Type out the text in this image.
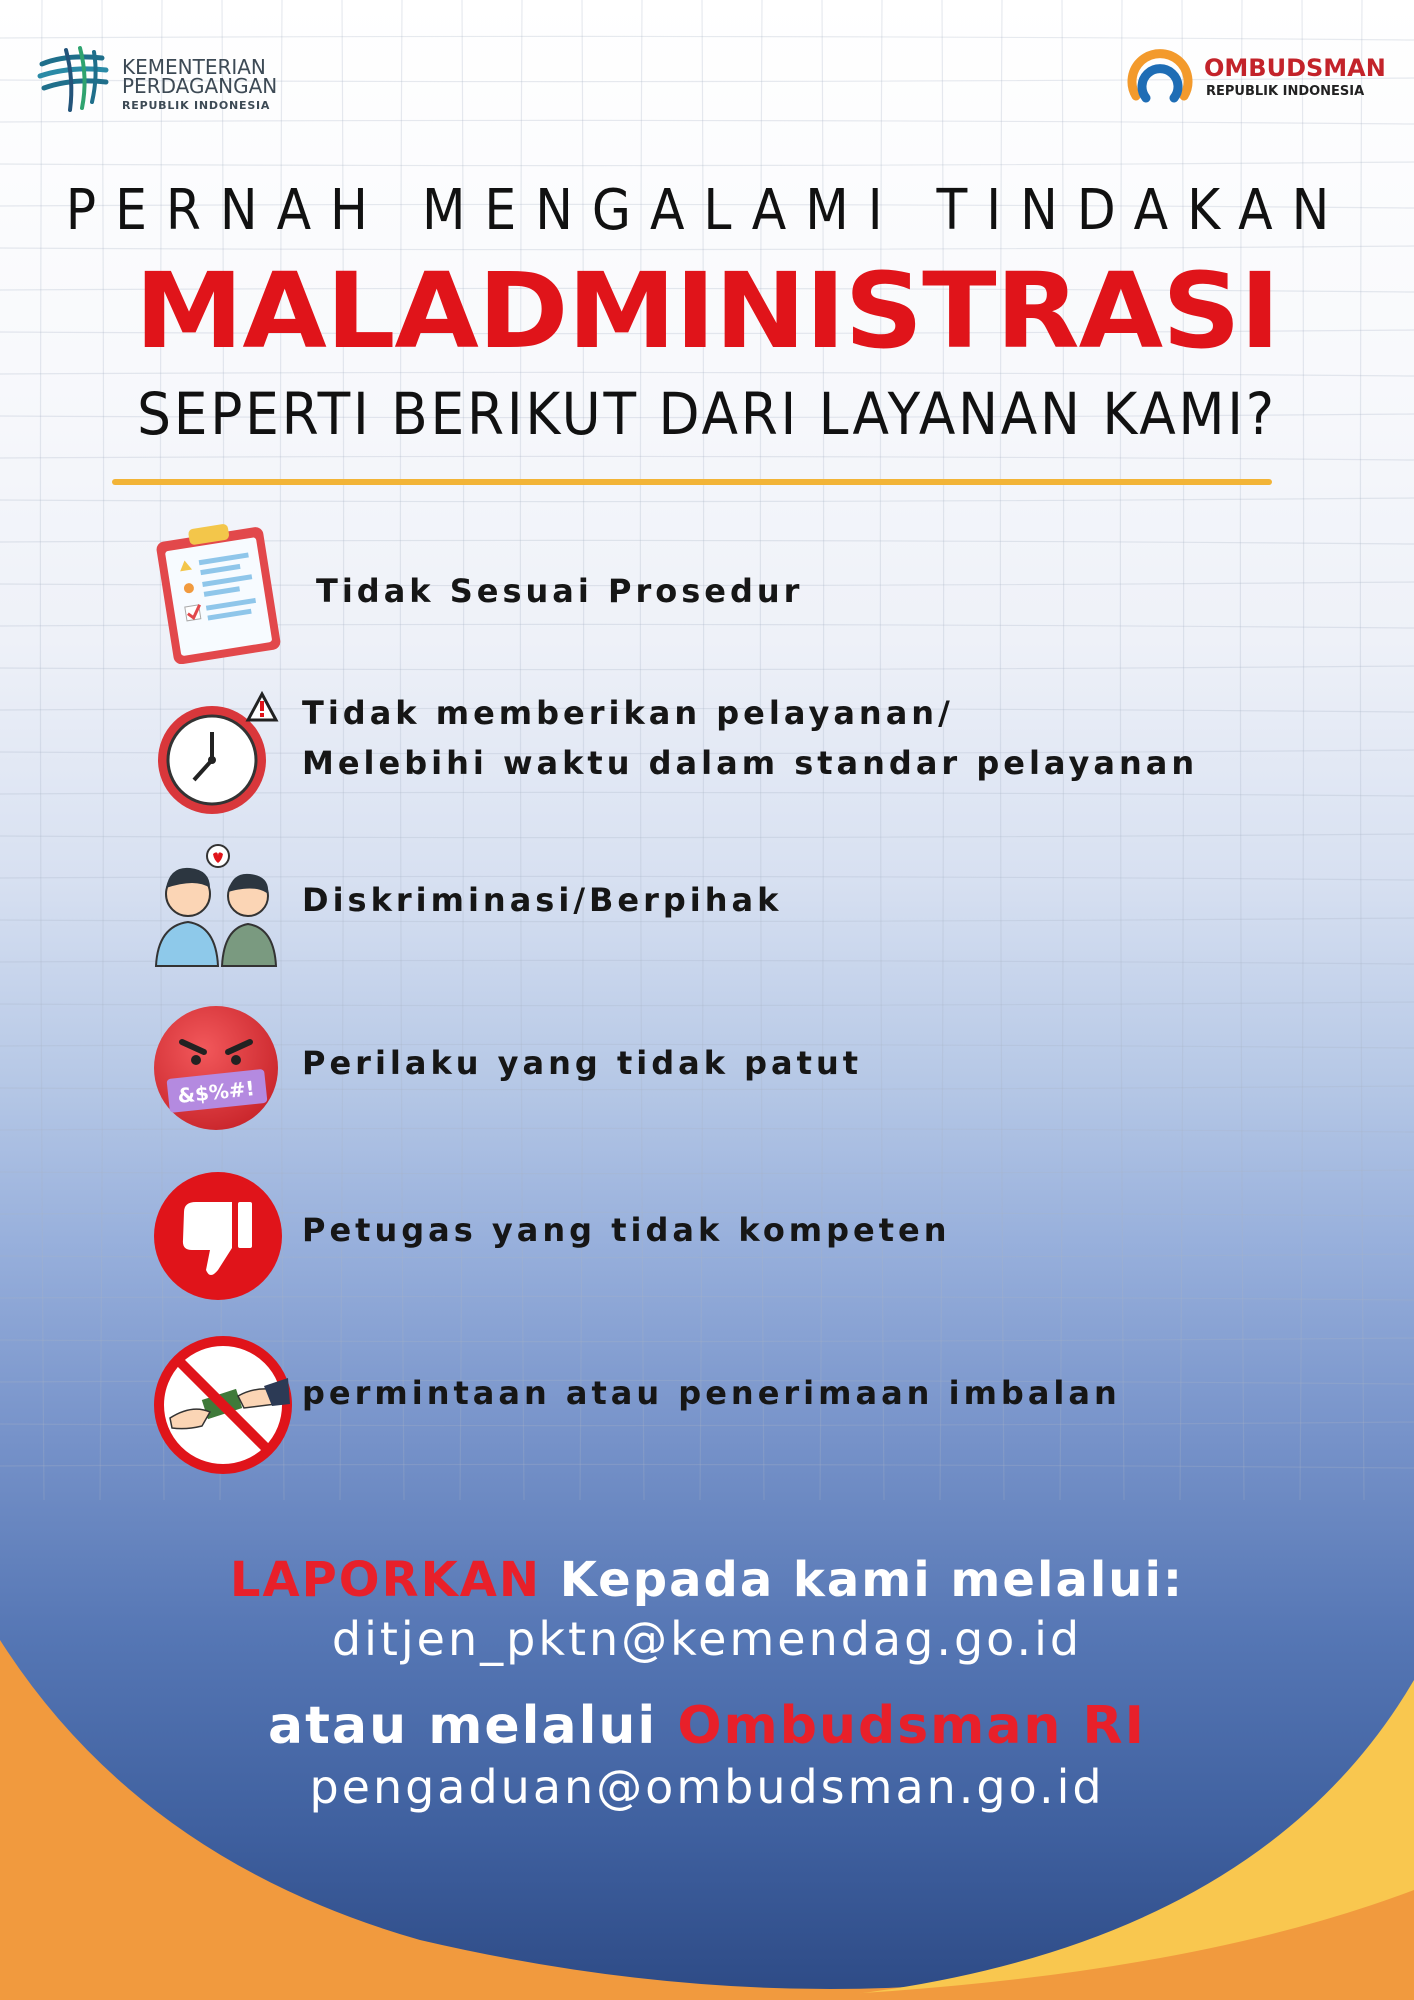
KEMENTERIAN
PERDAGANGAN
REPUBLIK INDONESIA
OMBUDSMAN
REPUBLIK INDONESIA
PERNAH MENGALAMI TINDAKAN
MALADMINISTRASI
SEPERTI BERIKUT DARI LAYANAN KAMI?
Tidak Sesuai Prosedur
Tidak memberikan pelayanan/
Melebihi waktu dalam standar pelayanan
Diskriminasi/Berpihak
&$%#!
Perilaku yang tidak patut
Petugas yang tidak kompeten
permintaan atau penerimaan imbalan
LAPORKAN Kepada kami melalui:
ditjen_pktn@kemendag.go.id
atau melalui Ombudsman RI
pengaduan@ombudsman.go.id
